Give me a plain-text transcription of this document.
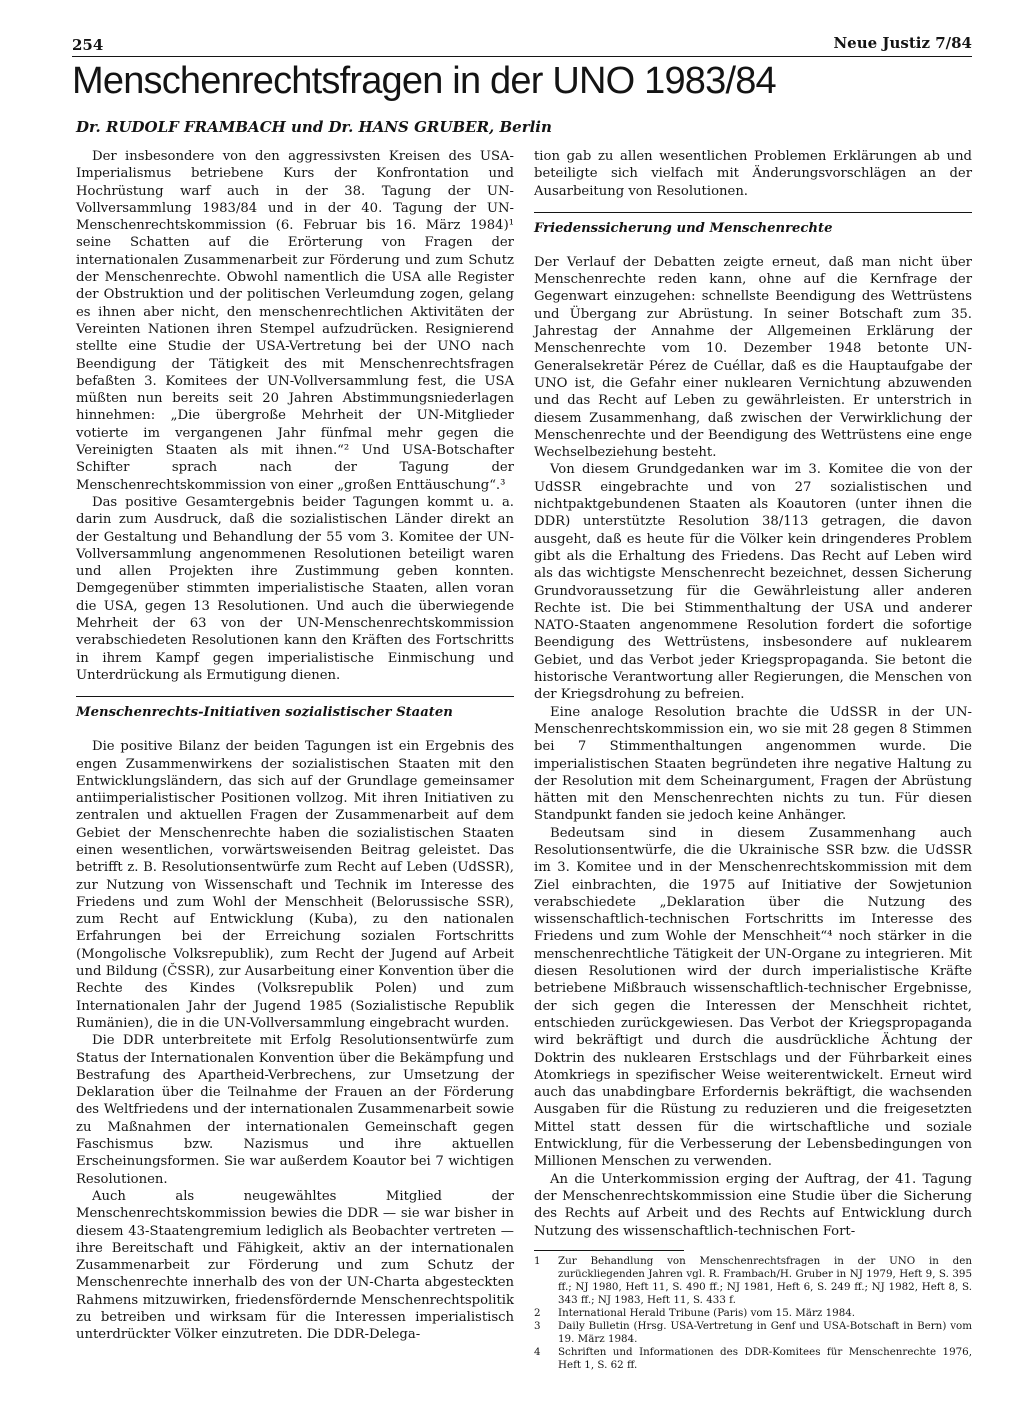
254	Neue Justiz 7/84
Menschenrechtsfragen in der UNO 1983/84
Dr. RUDOLF FRAMBACH und Dr. HANS GRUBER, Berlin

Der insbesondere von den aggressivsten Kreisen des USA-Imperialismus betriebene Kurs der Konfrontation und Hochrüstung warf auch in der 38. Tagung der UN-Vollversammlung 1983/84 und in der 40. Tagung der UN-Menschenrechtskommission (6. Februar bis 16. März 1984)¹ seine Schatten auf die Erörterung von Fragen der internationalen Zusammenarbeit zur Förderung und zum Schutz der Menschenrechte. Obwohl namentlich die USA alle Register der Obstruktion und der politischen Verleumdung zogen, gelang es ihnen aber nicht, den menschenrechtlichen Aktivitäten der Vereinten Nationen ihren Stempel aufzudrücken. Resignierend stellte eine Studie der USA-Vertretung bei der UNO nach Beendigung der Tätigkeit des mit Menschenrechtsfragen befaßten 3. Komitees der UN-Vollversammlung fest, die USA müßten nun bereits seit 20 Jahren Abstimmungsniederlagen hinnehmen: „Die übergroße Mehrheit der UN-Mitglieder votierte im vergangenen Jahr fünfmal mehr gegen die Vereinigten Staaten als mit ihnen.“² Und USA-Botschafter Schifter sprach nach der Tagung der Menschenrechtskommission von einer „großen Enttäuschung“.³

Das positive Gesamtergebnis beider Tagungen kommt u. a. darin zum Ausdruck, daß die sozialistischen Länder direkt an der Gestaltung und Behandlung der 55 vom 3. Komitee der UN-Vollversammlung angenommenen Resolutionen beteiligt waren und allen Projekten ihre Zustimmung geben konnten. Demgegenüber stimmten imperialistische Staaten, allen voran die USA, gegen 13 Resolutionen. Und auch die überwiegende Mehrheit der 63 von der UN-Menschenrechtskommission verabschiedeten Resolutionen kann den Kräften des Fortschritts in ihrem Kampf gegen imperialistische Einmischung und Unterdrückung als Ermutigung dienen.

Menschenrechts-Initiativen sozialistischer Staaten

Die positive Bilanz der beiden Tagungen ist ein Ergebnis des engen Zusammenwirkens der sozialistischen Staaten mit den Entwicklungsländern, das sich auf der Grundlage gemeinsamer antiimperialistischer Positionen vollzog. Mit ihren Initiativen zu zentralen und aktuellen Fragen der Zusammenarbeit auf dem Gebiet der Menschenrechte haben die sozialistischen Staaten einen wesentlichen, vorwärtsweisenden Beitrag geleistet. Das betrifft z. B. Resolutionsentwürfe zum Recht auf Leben (UdSSR), zur Nutzung von Wissenschaft und Technik im Interesse des Friedens und zum Wohl der Menschheit (Belorussische SSR), zum Recht auf Entwicklung (Kuba), zu den nationalen Erfahrungen bei der Erreichung sozialen Fortschritts (Mongolische Volksrepublik), zum Recht der Jugend auf Arbeit und Bildung (ČSSR), zur Ausarbeitung einer Konvention über die Rechte des Kindes (Volksrepublik Polen) und zum Internationalen Jahr der Jugend 1985 (Sozialistische Republik Rumänien), die in die UN-Vollversammlung eingebracht wurden.

Die DDR unterbreitete mit Erfolg Resolutionsentwürfe zum Status der Internationalen Konvention über die Bekämpfung und Bestrafung des Apartheid-Verbrechens, zur Umsetzung der Deklaration über die Teilnahme der Frauen an der Förderung des Weltfriedens und der internationalen Zusammenarbeit sowie zu Maßnahmen der internationalen Gemeinschaft gegen Faschismus bzw. Nazismus und ihre aktuellen Erscheinungsformen. Sie war außerdem Koautor bei 7 wichtigen Resolutionen.

Auch als neugewähltes Mitglied der Menschenrechtskommission bewies die DDR — sie war bisher in diesem 43-Staatengremium lediglich als Beobachter vertreten — ihre Bereitschaft und Fähigkeit, aktiv an der internationalen Zusammenarbeit zur Förderung und zum Schutz der Menschenrechte innerhalb des von der UN-Charta abgesteckten Rahmens mitzuwirken, friedensfördernde Menschenrechtspolitik zu betreiben und wirksam für die Interessen imperialistisch unterdrückter Völker einzutreten. Die DDR-Delega-

tion gab zu allen wesentlichen Problemen Erklärungen ab und beteiligte sich vielfach mit Änderungsvorschlägen an der Ausarbeitung von Resolutionen.

Friedenssicherung und Menschenrechte

Der Verlauf der Debatten zeigte erneut, daß man nicht über Menschenrechte reden kann, ohne auf die Kernfrage der Gegenwart einzugehen: schnellste Beendigung des Wettrüstens und Übergang zur Abrüstung. In seiner Botschaft zum 35. Jahrestag der Annahme der Allgemeinen Erklärung der Menschenrechte vom 10. Dezember 1948 betonte UN-Generalsekretär Pérez de Cuéllar, daß es die Hauptaufgabe der UNO ist, die Gefahr einer nuklearen Vernichtung abzuwenden und das Recht auf Leben zu gewährleisten. Er unterstrich in diesem Zusammenhang, daß zwischen der Verwirklichung der Menschenrechte und der Beendigung des Wettrüstens eine enge Wechselbeziehung besteht.

Von diesem Grundgedanken war im 3. Komitee die von der UdSSR eingebrachte und von 27 sozialistischen und nichtpaktgebundenen Staaten als Koautoren (unter ihnen die DDR) unterstützte Resolution 38/113 getragen, die davon ausgeht, daß es heute für die Völker kein dringenderes Problem gibt als die Erhaltung des Friedens. Das Recht auf Leben wird als das wichtigste Menschenrecht bezeichnet, dessen Sicherung Grundvoraussetzung für die Gewährleistung aller anderen Rechte ist. Die bei Stimmenthaltung der USA und anderer NATO-Staaten angenommene Resolution fordert die sofortige Beendigung des Wettrüstens, insbesondere auf nuklearem Gebiet, und das Verbot jeder Kriegspropaganda. Sie betont die historische Verantwortung aller Regierungen, die Menschen von der Kriegsdrohung zu befreien.

Eine analoge Resolution brachte die UdSSR in der UN-Menschenrechtskommission ein, wo sie mit 28 gegen 8 Stimmen bei 7 Stimmenthaltungen angenommen wurde. Die imperialistischen Staaten begründeten ihre negative Haltung zu der Resolution mit dem Scheinargument, Fragen der Abrüstung hätten mit den Menschenrechten nichts zu tun. Für diesen Standpunkt fanden sie jedoch keine Anhänger.

Bedeutsam sind in diesem Zusammenhang auch Resolutionsentwürfe, die die Ukrainische SSR bzw. die UdSSR im 3. Komitee und in der Menschenrechtskommission mit dem Ziel einbrachten, die 1975 auf Initiative der Sowjetunion verabschiedete „Deklaration über die Nutzung des wissenschaftlich-technischen Fortschritts im Interesse des Friedens und zum Wohle der Menschheit“⁴ noch stärker in die menschenrechtliche Tätigkeit der UN-Organe zu integrieren. Mit diesen Resolutionen wird der durch imperialistische Kräfte betriebene Mißbrauch wissenschaftlich-technischer Ergebnisse, der sich gegen die Interessen der Menschheit richtet, entschieden zurückgewiesen. Das Verbot der Kriegspropaganda wird bekräftigt und durch die ausdrückliche Ächtung der Doktrin des nuklearen Erstschlags und der Führbarkeit eines Atomkriegs in spezifischer Weise weiterentwickelt. Erneut wird auch das unabdingbare Erfordernis bekräftigt, die wachsenden Ausgaben für die Rüstung zu reduzieren und die freigesetzten Mittel statt dessen für die wirtschaftliche und soziale Entwicklung, für die Verbesserung der Lebensbedingungen von Millionen Menschen zu verwenden.

An die Unterkommission erging der Auftrag, der 41. Tagung der Menschenrechtskommission eine Studie über die Sicherung des Rechts auf Arbeit und des Rechts auf Entwicklung durch Nutzung des wissenschaftlich-technischen Fort-

1	Zur Behandlung von Menschenrechtsfragen in der UNO in den zurückliegenden Jahren vgl. R. Frambach/H. Gruber in NJ 1979, Heft 9, S. 395 ff.; NJ 1980, Heft 11, S. 490 ff.; NJ 1981, Heft 6, S. 249 ff.; NJ 1982, Heft 8, S. 343 ff.; NJ 1983, Heft 11, S. 433 f.
2	International Herald Tribune (Paris) vom 15. März 1984.
3	Daily Bulletin (Hrsg. USA-Vertretung in Genf und USA-Botschaft in Bern) vom 19. März 1984.
4	Schriften und Informationen des DDR-Komitees für Menschenrechte 1976, Heft 1, S. 62 ff.
